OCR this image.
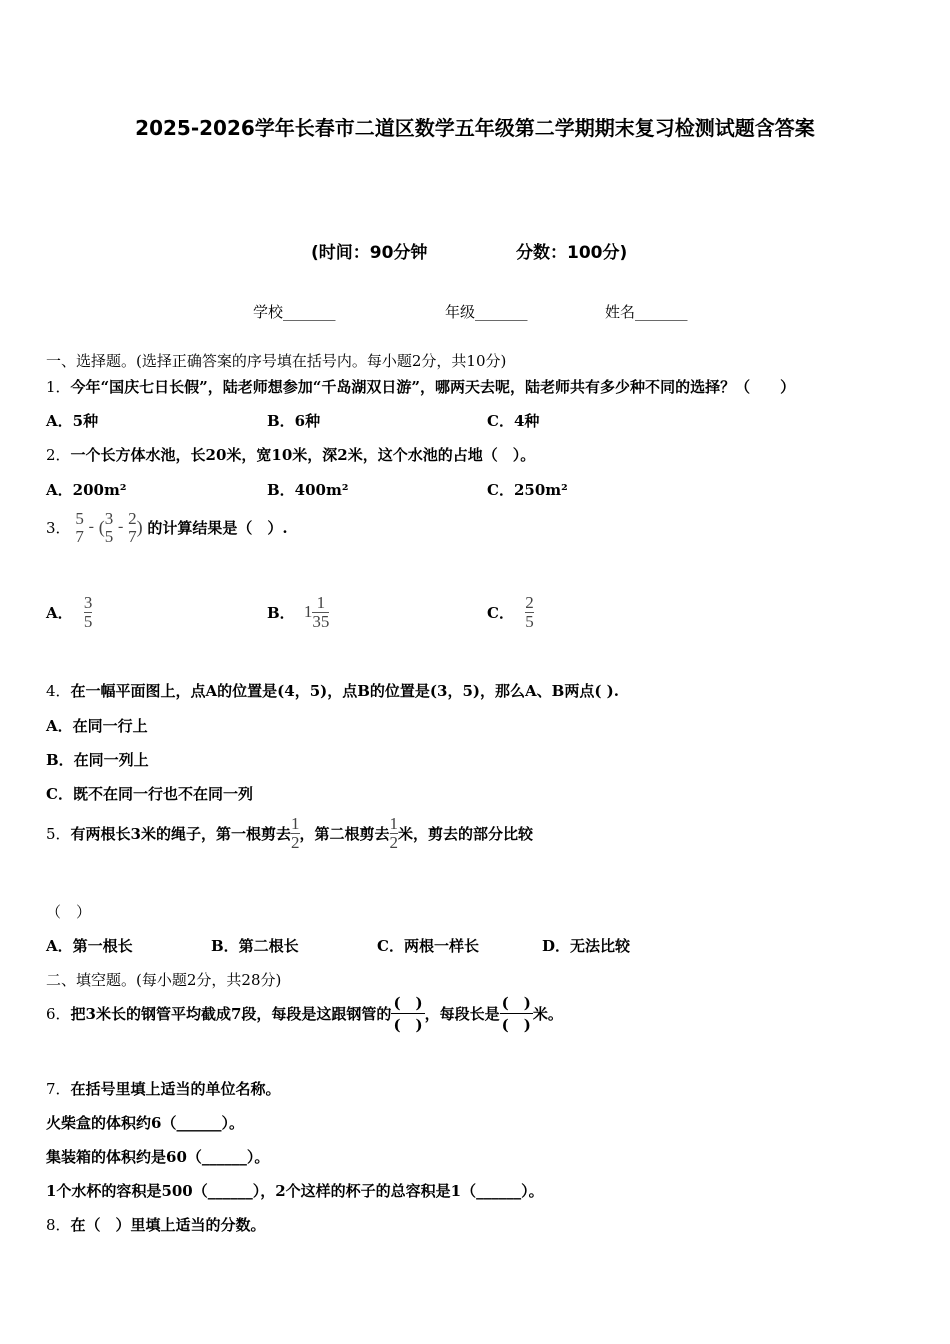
2025-2026学年长春市二道区数学五年级第二学期期末复习检测试题含答案
(时间：90分钟	分数：100分)
学校_______	年级_______	姓名_______
一、选择题。(选择正确答案的序号填在括号内。每小题2分，共10分)
1．今年“国庆七日长假”，陆老师想参加“千岛湖双日游”，哪两天去呢，陆老师共有多少种不同的选择？（　　）
A．5种	B．6种	C．4种
2．一个长方体水池，长20米，宽10米，深2米，这个水池的占地（　）。
A．200m²	B．400m²	C．250m²
3．
5
7 - ( 3
5 - 2
7 ) 的计算结果是（　）.
A． $\frac{3}{5}$	B． $1 \frac{1}{35}$	C． $\frac{2}{5}$
4．在一幅平面图上，点A的位置是(4，5)，点B的位置是(3，5)，那么A、B两点( ).
A．在同一行上
B．在同一列上
C．既不在同一行也不在同一列
5．有两根长3米的绳子，第一根剪去 $\frac{1}{2}$ ，第二根剪去 $\frac{1}{2}$ 米，剪去的部分比较
（　）
A．第一根长	B．第二根长	C．两根一样长	D．无法比较
二、填空题。(每小题2分，共28分)
6．把3米长的钢管平均截成7段，每段是这跟钢管的
(　)
(　)
，每段长是
(　)
(　)
米。
7．在括号里填上适当的单位名称。
火柴盒的体积约6（______）。
集装箱的体积约是60（______）。
1个水杯的容积是500（______），2个这样的杯子的总容积是1（______）。
8．在（　）里填上适当的分数。
